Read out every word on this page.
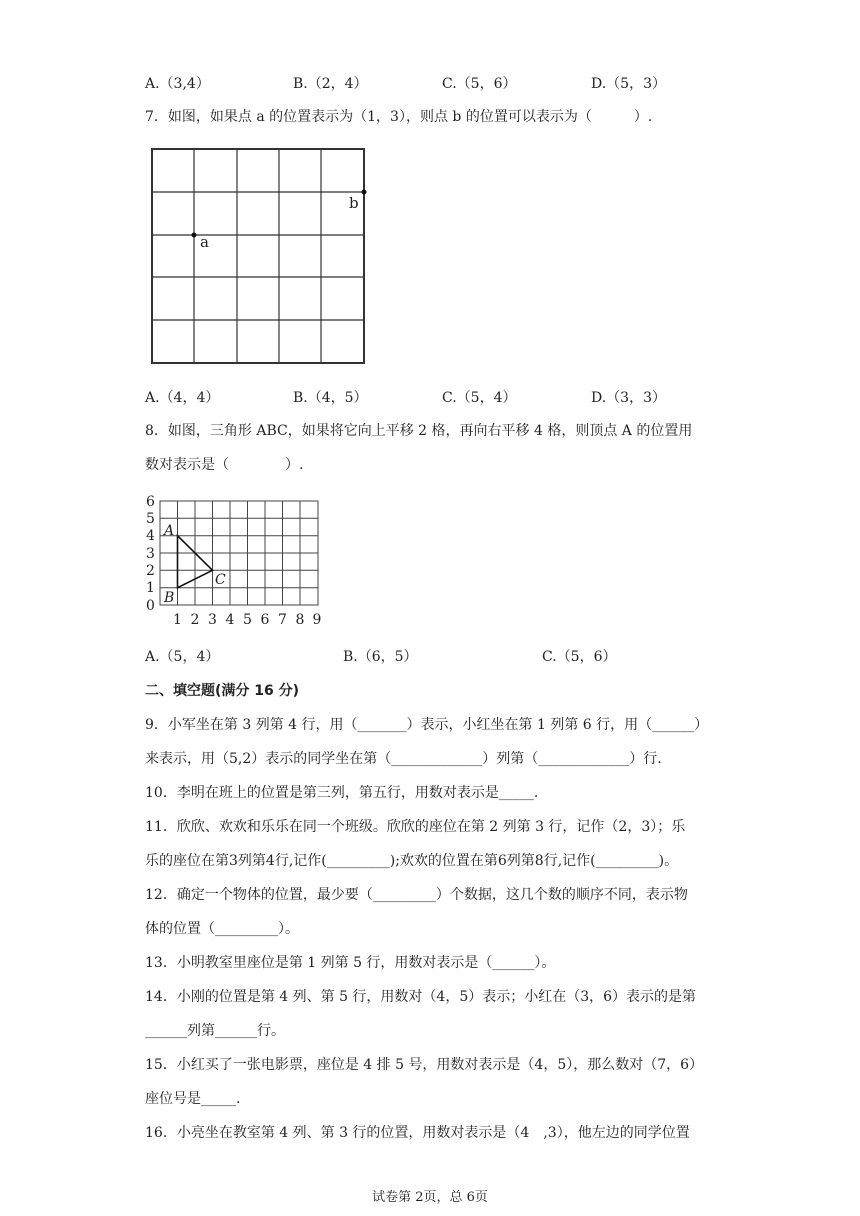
A.（3,4）	B.（2，4）	C.（5，6）	D.（5，3）
7．如图，如果点 a 的位置表示为（1，3），则点 b 的位置可以表示为（　　　）.
a
b
A.（4，4）	B.（4，5）	C.（5，4）	D.（3，3）
8．如图，三角形 ABC，如果将它向上平移 2 格，再向右平移 4 格，则顶点 A 的位置用
数对表示是（　　　　）.
A
B
C
0
1
2
3
4
5
6
1 2 3 4 5 6 7 8 9
A.（5，4）	B.（6，5）	C.（5，6）
二、填空题(满分 16 分)
9．小军坐在第 3 列第 4 行，用（_______）表示，小红坐在第 1 列第 6 行，用（______）
来表示，用（5,2）表示的同学坐在第（_____________）列第（_____________）行.
10．李明在班上的位置是第三列，第五行，用数对表示是_____.
11．欣欣、欢欢和乐乐在同一个班级。欣欣的座位在第 2 列第 3 行，记作（2，3）；乐
乐的座位在第3列第4行,记作(_________);欢欢的位置在第6列第8行,记作(_________)。
12．确定一个物体的位置，最少要（_________）个数据，这几个数的顺序不同，表示物
体的位置（_________）。
13．小明教室里座位是第 1 列第 5 行，用数对表示是（______）。
14．小刚的位置是第 4 列、第 5 行，用数对（4，5）表示；小红在（3，6）表示的是第
______列第______行。
15．小红买了一张电影票，座位是 4 排 5 号，用数对表示是（4，5），那么数对（7，6）
座位号是_____.
16．小亮坐在教室第 4 列、第 3 行的位置，用数对表示是（4　,3），他左边的同学位置
试卷第 2页，总 6页
